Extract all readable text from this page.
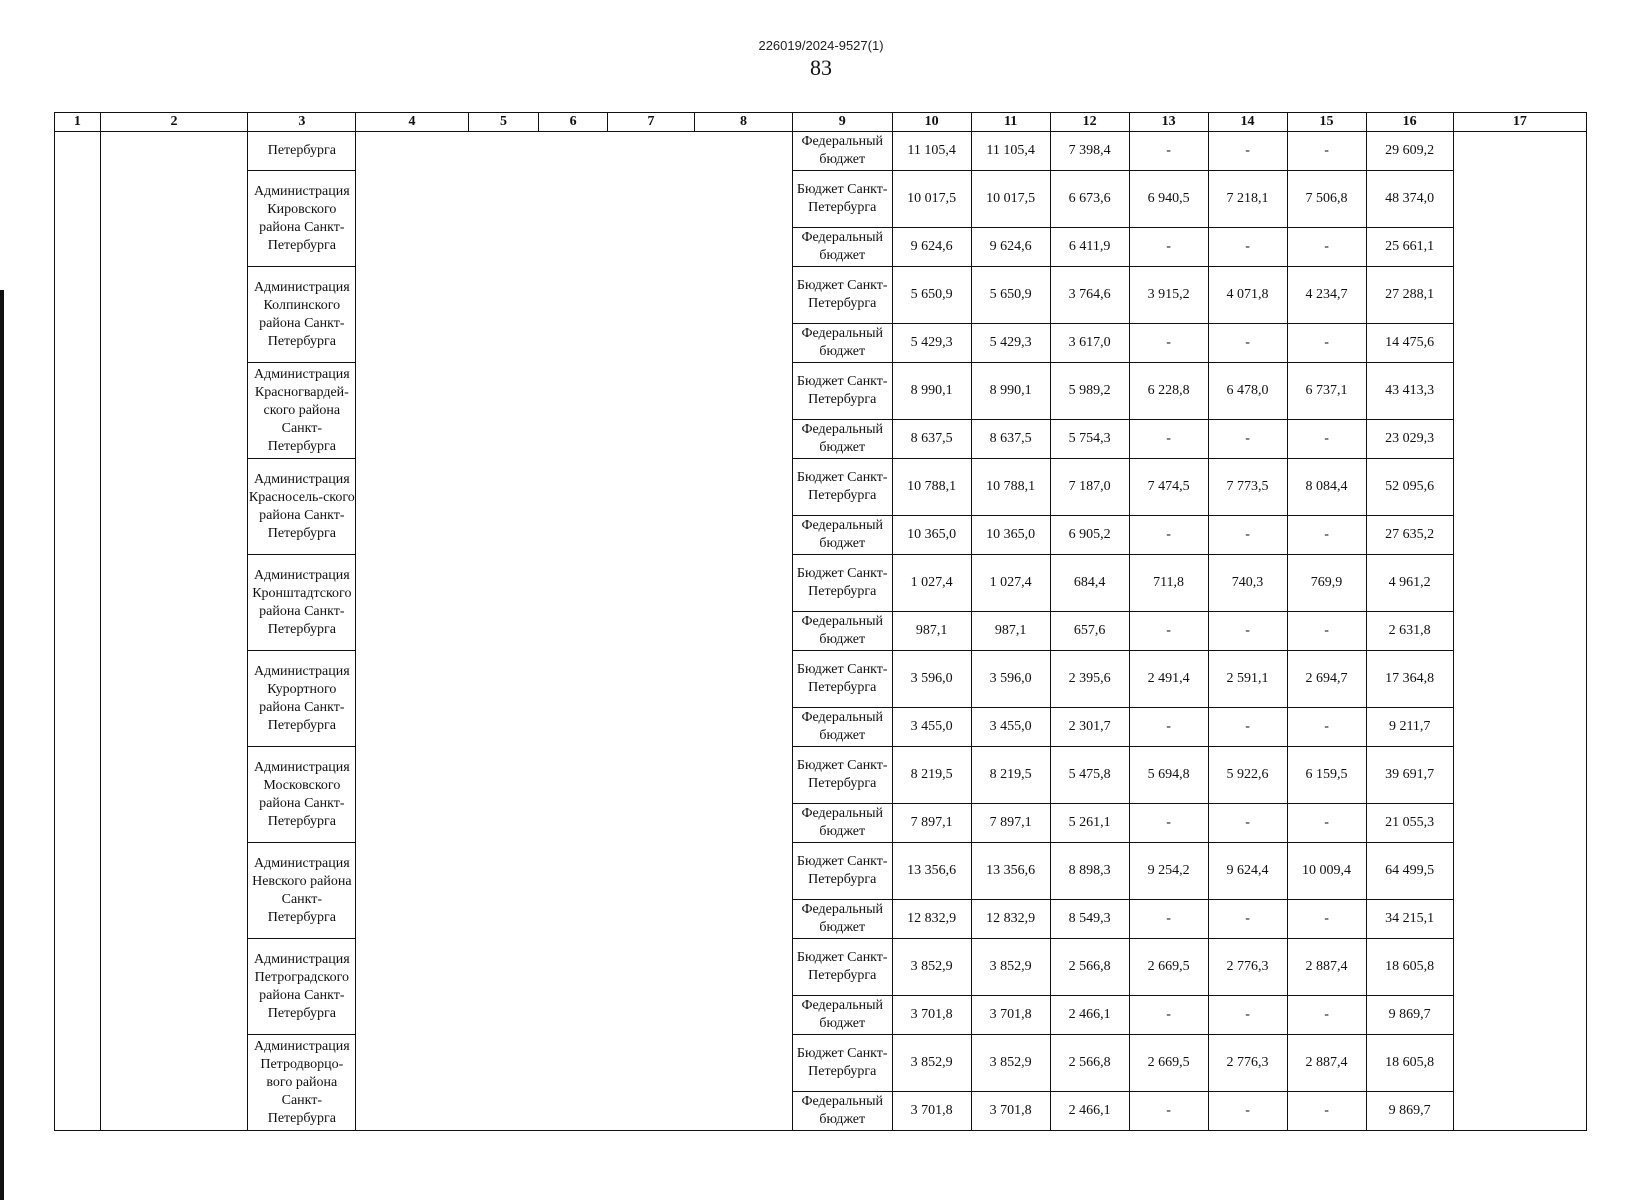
226019/2024-9527(1)
83
1	2	3	4	5	6	7	8	9	10	11	12	13	14	15	16	17
		Петербурга						Федеральный бюджет	11 105,4	11 105,4	7 398,4	-	-	-	29 609,2	
		Администрация Кировского района Санкт-Петербурга						Бюджет Санкт-Петербурга	10 017,5	10 017,5	6 673,6	6 940,5	7 218,1	7 506,8	48 374,0	
								Федеральный бюджет	9 624,6	9 624,6	6 411,9	-	-	-	25 661,1	
		Администрация Колпинского района Санкт-Петербурга						Бюджет Санкт-Петербурга	5 650,9	5 650,9	3 764,6	3 915,2	4 071,8	4 234,7	27 288,1	
								Федеральный бюджет	5 429,3	5 429,3	3 617,0	-	-	-	14 475,6	
		Администрация Красногвардей-ского района Санкт-Петербурга						Бюджет Санкт-Петербурга	8 990,1	8 990,1	5 989,2	6 228,8	6 478,0	6 737,1	43 413,3	
								Федеральный бюджет	8 637,5	8 637,5	5 754,3	-	-	-	23 029,3	
		Администрация Красносель-ского района Санкт-Петербурга						Бюджет Санкт-Петербурга	10 788,1	10 788,1	7 187,0	7 474,5	7 773,5	8 084,4	52 095,6	
								Федеральный бюджет	10 365,0	10 365,0	6 905,2	-	-	-	27 635,2	
		Администрация Кронштадтского района Санкт-Петербурга						Бюджет Санкт-Петербурга	1 027,4	1 027,4	684,4	711,8	740,3	769,9	4 961,2	
								Федеральный бюджет	987,1	987,1	657,6	-	-	-	2 631,8	
		Администрация Курортного района Санкт-Петербурга						Бюджет Санкт-Петербурга	3 596,0	3 596,0	2 395,6	2 491,4	2 591,1	2 694,7	17 364,8	
								Федеральный бюджет	3 455,0	3 455,0	2 301,7	-	-	-	9 211,7	
		Администрация Московского района Санкт-Петербурга						Бюджет Санкт-Петербурга	8 219,5	8 219,5	5 475,8	5 694,8	5 922,6	6 159,5	39 691,7	
								Федеральный бюджет	7 897,1	7 897,1	5 261,1	-	-	-	21 055,3	
		Администрация Невского района Санкт-Петербурга						Бюджет Санкт-Петербурга	13 356,6	13 356,6	8 898,3	9 254,2	9 624,4	10 009,4	64 499,5	
								Федеральный бюджет	12 832,9	12 832,9	8 549,3	-	-	-	34 215,1	
		Администрация Петроградского района Санкт-Петербурга						Бюджет Санкт-Петербурга	3 852,9	3 852,9	2 566,8	2 669,5	2 776,3	2 887,4	18 605,8	
								Федеральный бюджет	3 701,8	3 701,8	2 466,1	-	-	-	9 869,7	
		Администрация Петродворцо-вого района Санкт-Петербурга						Бюджет Санкт-Петербурга	3 852,9	3 852,9	2 566,8	2 669,5	2 776,3	2 887,4	18 605,8	
								Федеральный бюджет	3 701,8	3 701,8	2 466,1	-	-	-	9 869,7	
